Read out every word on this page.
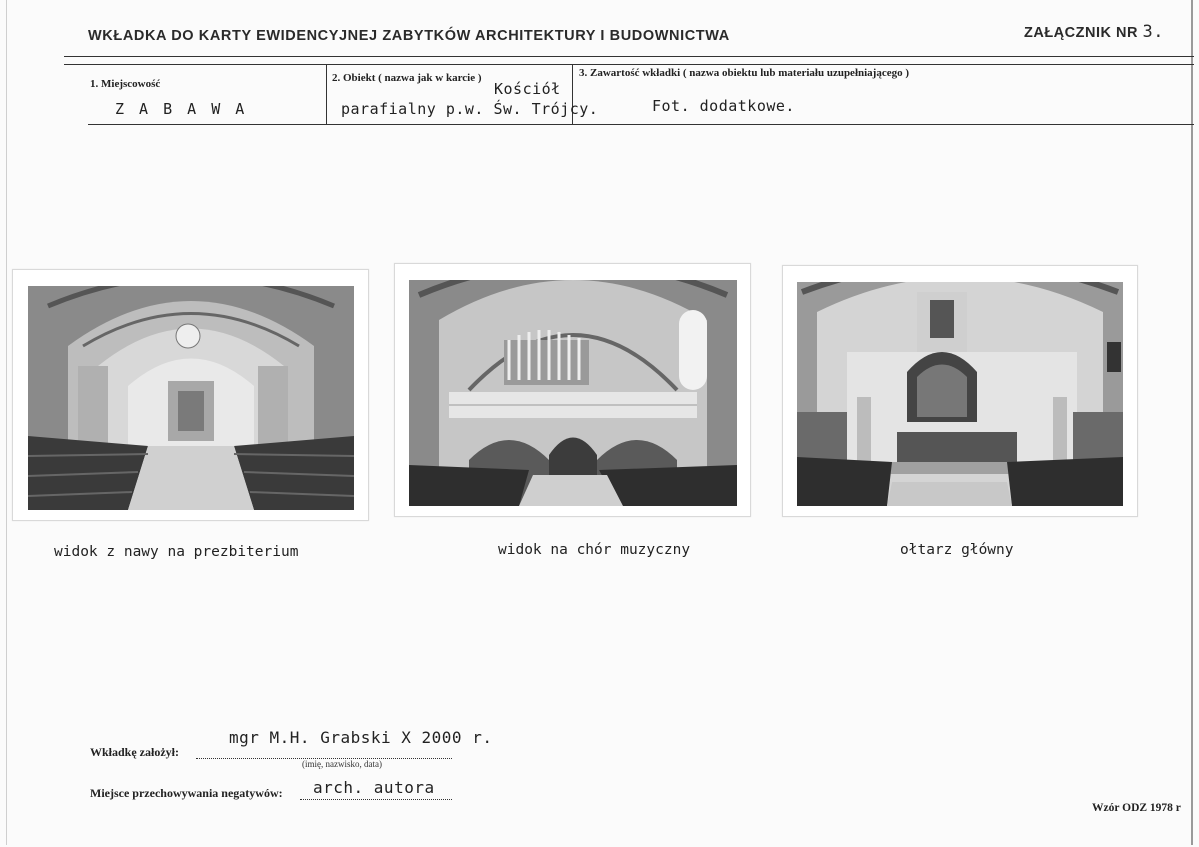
WKŁADKA DO KARTY EWIDENCYJNEJ ZABYTKÓW ARCHITEKTURY I BUDOWNICTWA	ZAŁĄCZNIK NR 3.
1. Miejscowość
Z A B A W A
2. Obiekt ( nazwa jak w karcie )
Kościół
parafialny p.w. Św. Trójcy.
3. Zawartość wkładki ( nazwa obiektu lub materiału uzupełniającego )
Fot. dodatkowe.
widok z nawy na prezbiterium	widok na chór muzyczny	ołtarz główny
Wkładkę założył:
mgr M.H. Grabski X 2000 r.
(imię, nazwisko, data)
Miejsce przechowywania negatywów: arch. autora
Wzór ODZ 1978 r
